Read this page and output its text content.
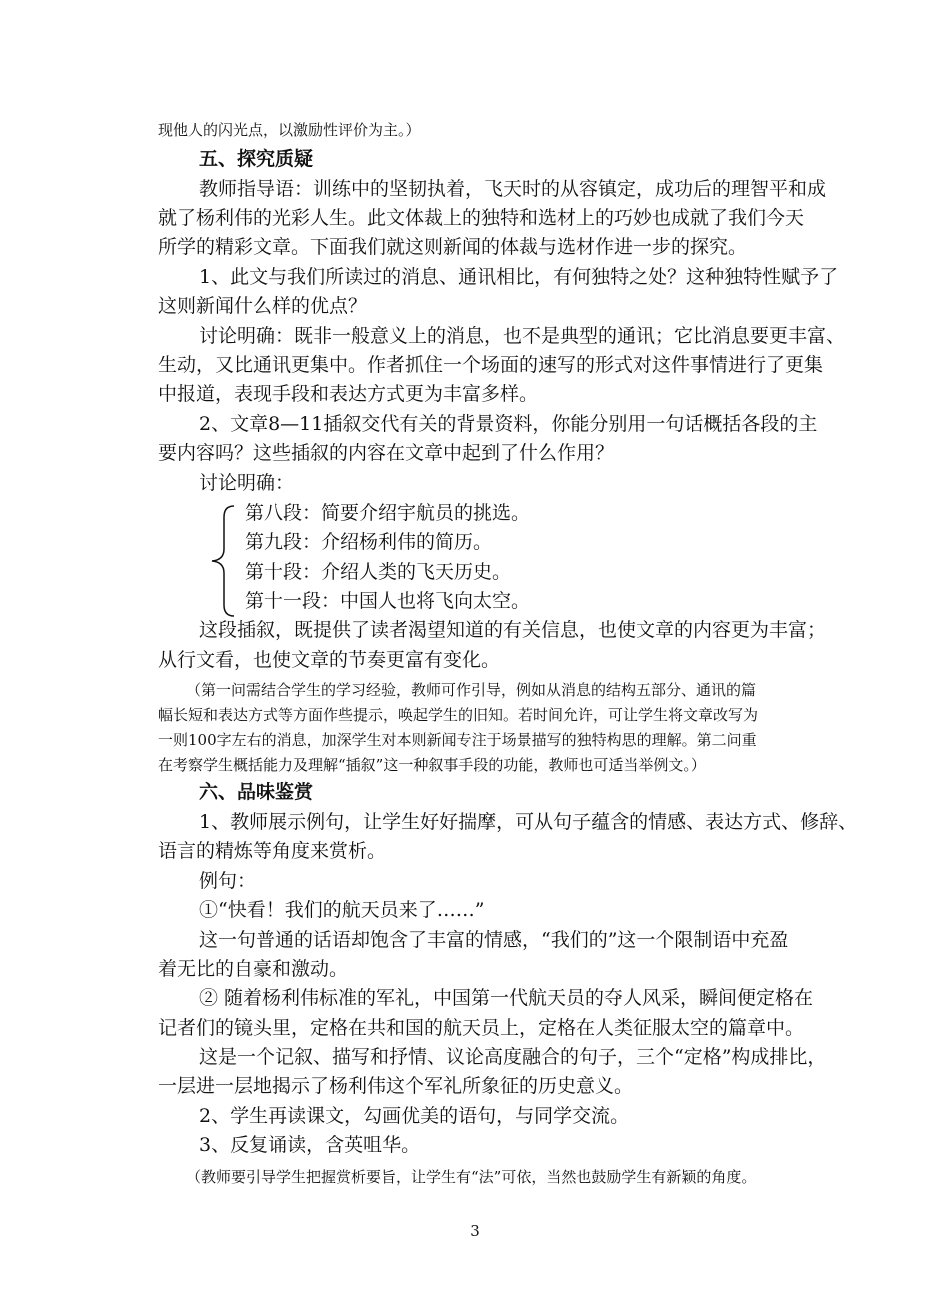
现他人的闪光点，以激励性评价为主。）
五、探究质疑
教师指导语：训练中的坚韧执着，飞天时的从容镇定，成功后的理智平和成
就了杨利伟的光彩人生。此文体裁上的独特和选材上的巧妙也成就了我们今天
所学的精彩文章。下面我们就这则新闻的体裁与选材作进一步的探究。
1、此文与我们所读过的消息、通讯相比，有何独特之处？这种独特性赋予了
这则新闻什么样的优点？
讨论明确：既非一般意义上的消息，也不是典型的通讯；它比消息要更丰富、
生动，又比通讯更集中。作者抓住一个场面的速写的形式对这件事情进行了更集
中报道，表现手段和表达方式更为丰富多样。
2、文章8—11插叙交代有关的背景资料，你能分别用一句话概括各段的主
要内容吗？这些插叙的内容在文章中起到了什么作用？
讨论明确：
第八段：简要介绍宇航员的挑选。
第九段：介绍杨利伟的简历。
第十段：介绍人类的飞天历史。
第十一段：中国人也将飞向太空。
这段插叙，既提供了读者渴望知道的有关信息，也使文章的内容更为丰富；
从行文看，也使文章的节奏更富有变化。
（第一问需结合学生的学习经验，教师可作引导，例如从消息的结构五部分、通讯的篇
幅长短和表达方式等方面作些提示，唤起学生的旧知。若时间允许，可让学生将文章改写为
一则100字左右的消息，加深学生对本则新闻专注于场景描写的独特构思的理解。第二问重
在考察学生概括能力及理解“插叙”这一种叙事手段的功能，教师也可适当举例文。）
六、品味鉴赏
1、教师展示例句，让学生好好揣摩，可从句子蕴含的情感、表达方式、修辞、
语言的精炼等角度来赏析。
例句：
①“快看！我们的航天员来了……”
这一句普通的话语却饱含了丰富的情感，“我们的”这一个限制语中充盈
着无比的自豪和激动。
② 随着杨利伟标准的军礼，中国第一代航天员的夺人风采，瞬间便定格在
记者们的镜头里，定格在共和国的航天员上，定格在人类征服太空的篇章中。
这是一个记叙、描写和抒情、议论高度融合的句子，三个“定格”构成排比，
一层进一层地揭示了杨利伟这个军礼所象征的历史意义。
2、学生再读课文，勾画优美的语句，与同学交流。
3、反复诵读，含英咀华。
（教师要引导学生把握赏析要旨，让学生有“法”可依，当然也鼓励学生有新颖的角度。
3
